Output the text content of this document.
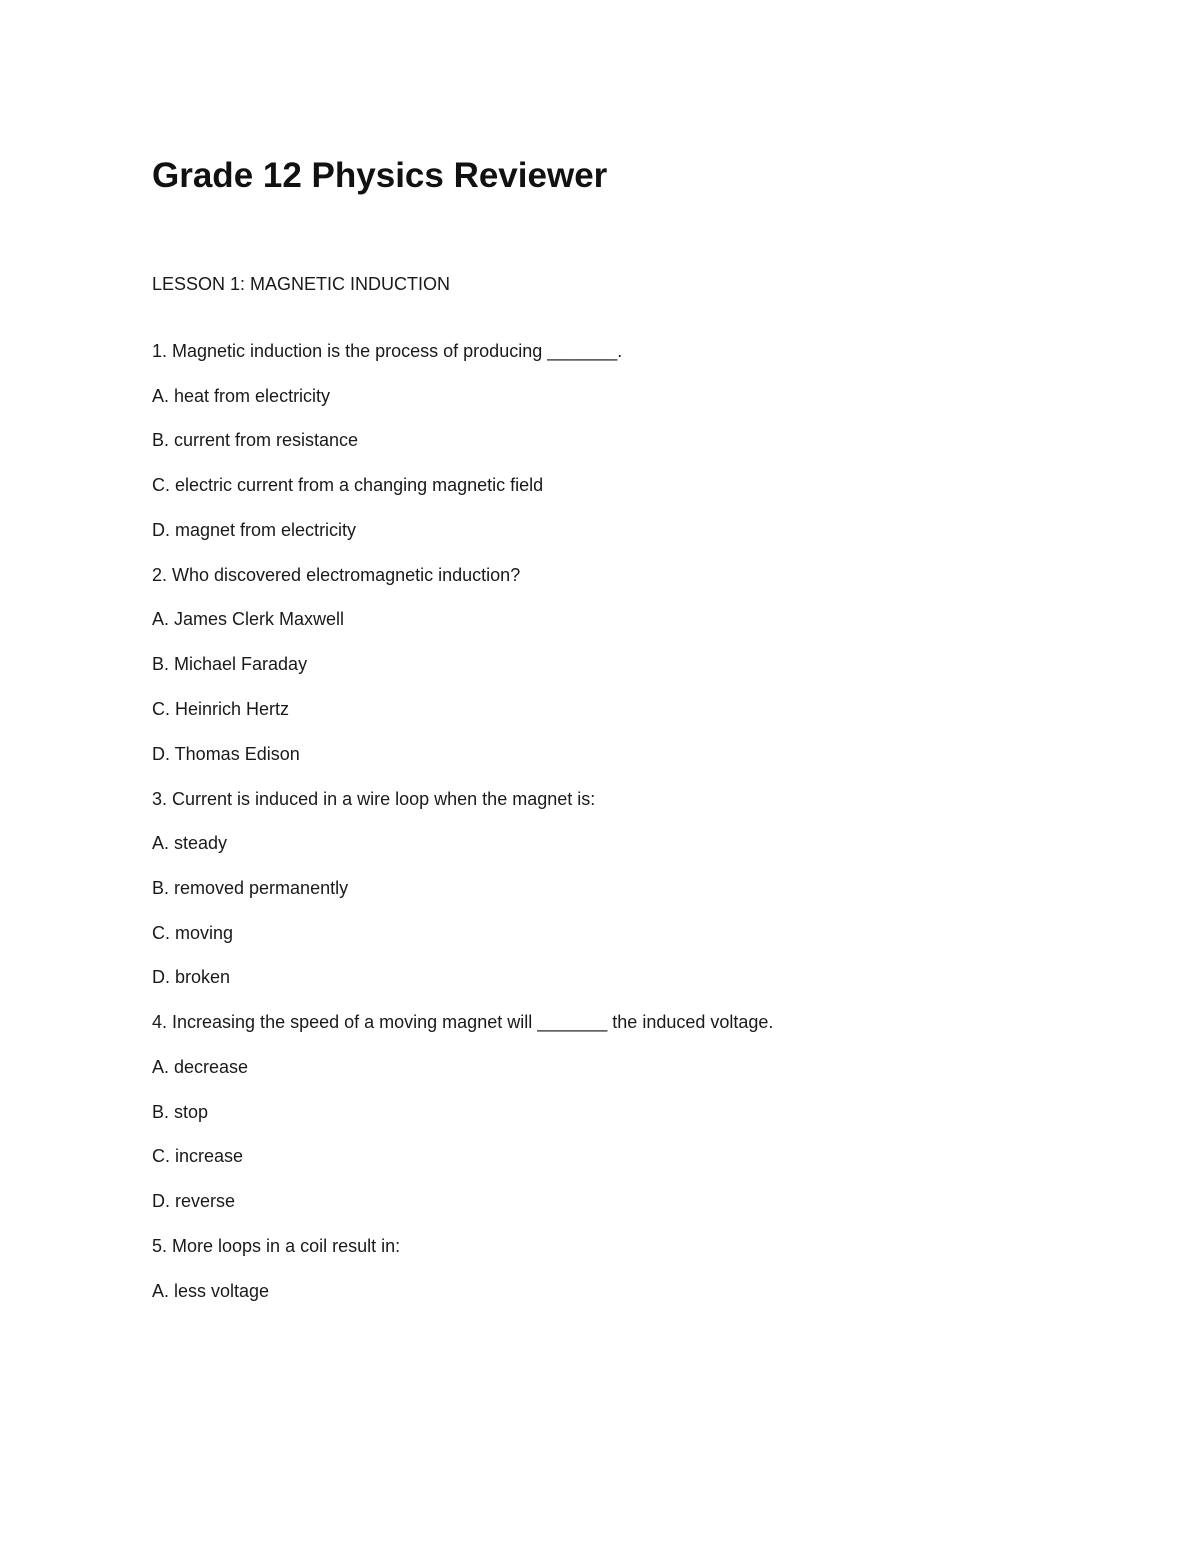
Grade 12 Physics Reviewer
LESSON 1: MAGNETIC INDUCTION
1. Magnetic induction is the process of producing _______.
A. heat from electricity
B. current from resistance
C. electric current from a changing magnetic field
D. magnet from electricity
2. Who discovered electromagnetic induction?
A. James Clerk Maxwell
B. Michael Faraday
C. Heinrich Hertz
D. Thomas Edison
3. Current is induced in a wire loop when the magnet is:
A. steady
B. removed permanently
C. moving
D. broken
4. Increasing the speed of a moving magnet will _______ the induced voltage.
A. decrease
B. stop
C. increase
D. reverse
5. More loops in a coil result in:
A. less voltage
